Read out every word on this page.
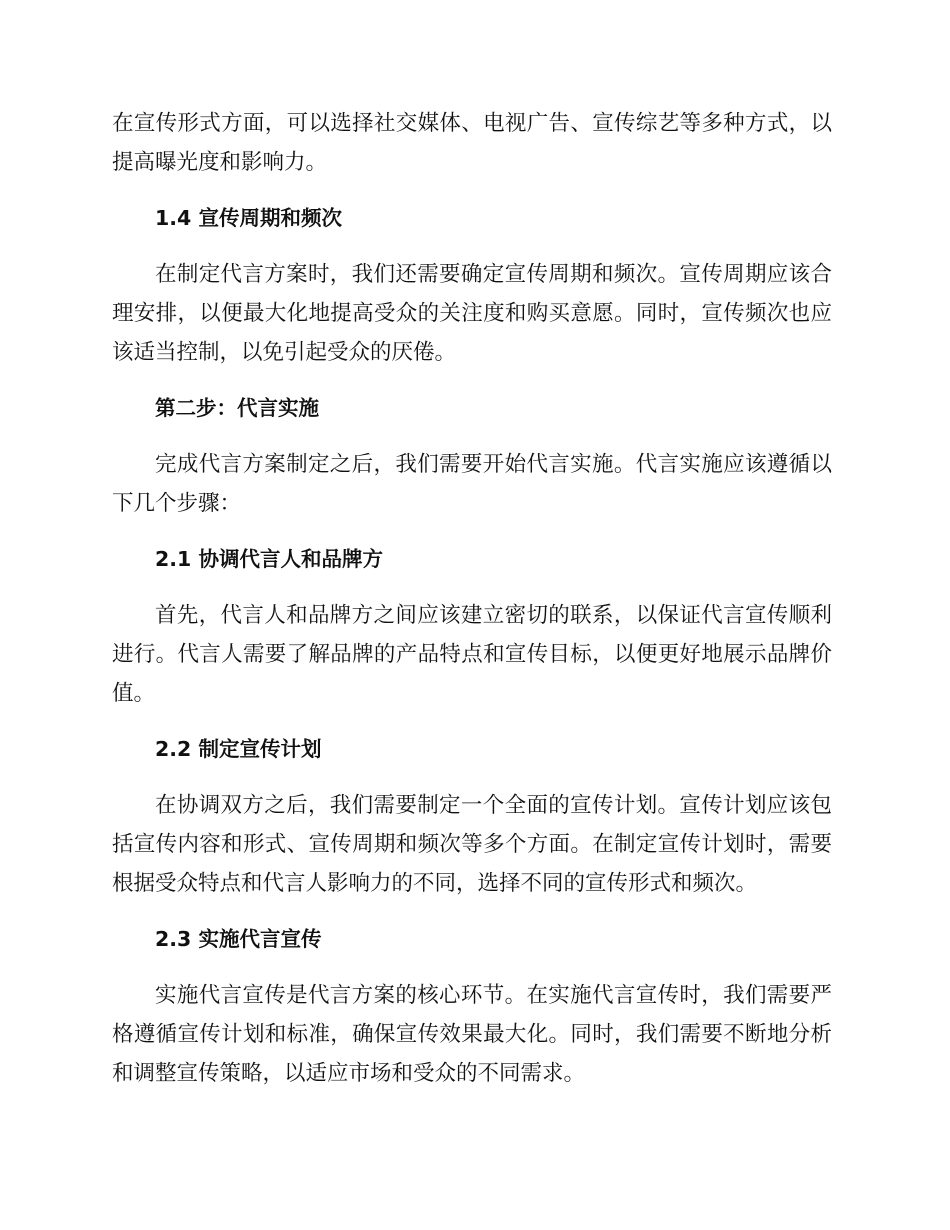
在宣传形式方面，可以选择社交媒体、电视广告、宣传综艺等多种方式，以提高曝光度和影响力。

1.4 宣传周期和频次

在制定代言方案时，我们还需要确定宣传周期和频次。宣传周期应该合理安排，以便最大化地提高受众的关注度和购买意愿。同时，宣传频次也应该适当控制，以免引起受众的厌倦。

第二步：代言实施

完成代言方案制定之后，我们需要开始代言实施。代言实施应该遵循以下几个步骤：

2.1 协调代言人和品牌方

首先，代言人和品牌方之间应该建立密切的联系，以保证代言宣传顺利进行。代言人需要了解品牌的产品特点和宣传目标，以便更好地展示品牌价值。

2.2 制定宣传计划

在协调双方之后，我们需要制定一个全面的宣传计划。宣传计划应该包括宣传内容和形式、宣传周期和频次等多个方面。在制定宣传计划时，需要根据受众特点和代言人影响力的不同，选择不同的宣传形式和频次。

2.3 实施代言宣传

实施代言宣传是代言方案的核心环节。在实施代言宣传时，我们需要严格遵循宣传计划和标准，确保宣传效果最大化。同时，我们需要不断地分析和调整宣传策略，以适应市场和受众的不同需求。
